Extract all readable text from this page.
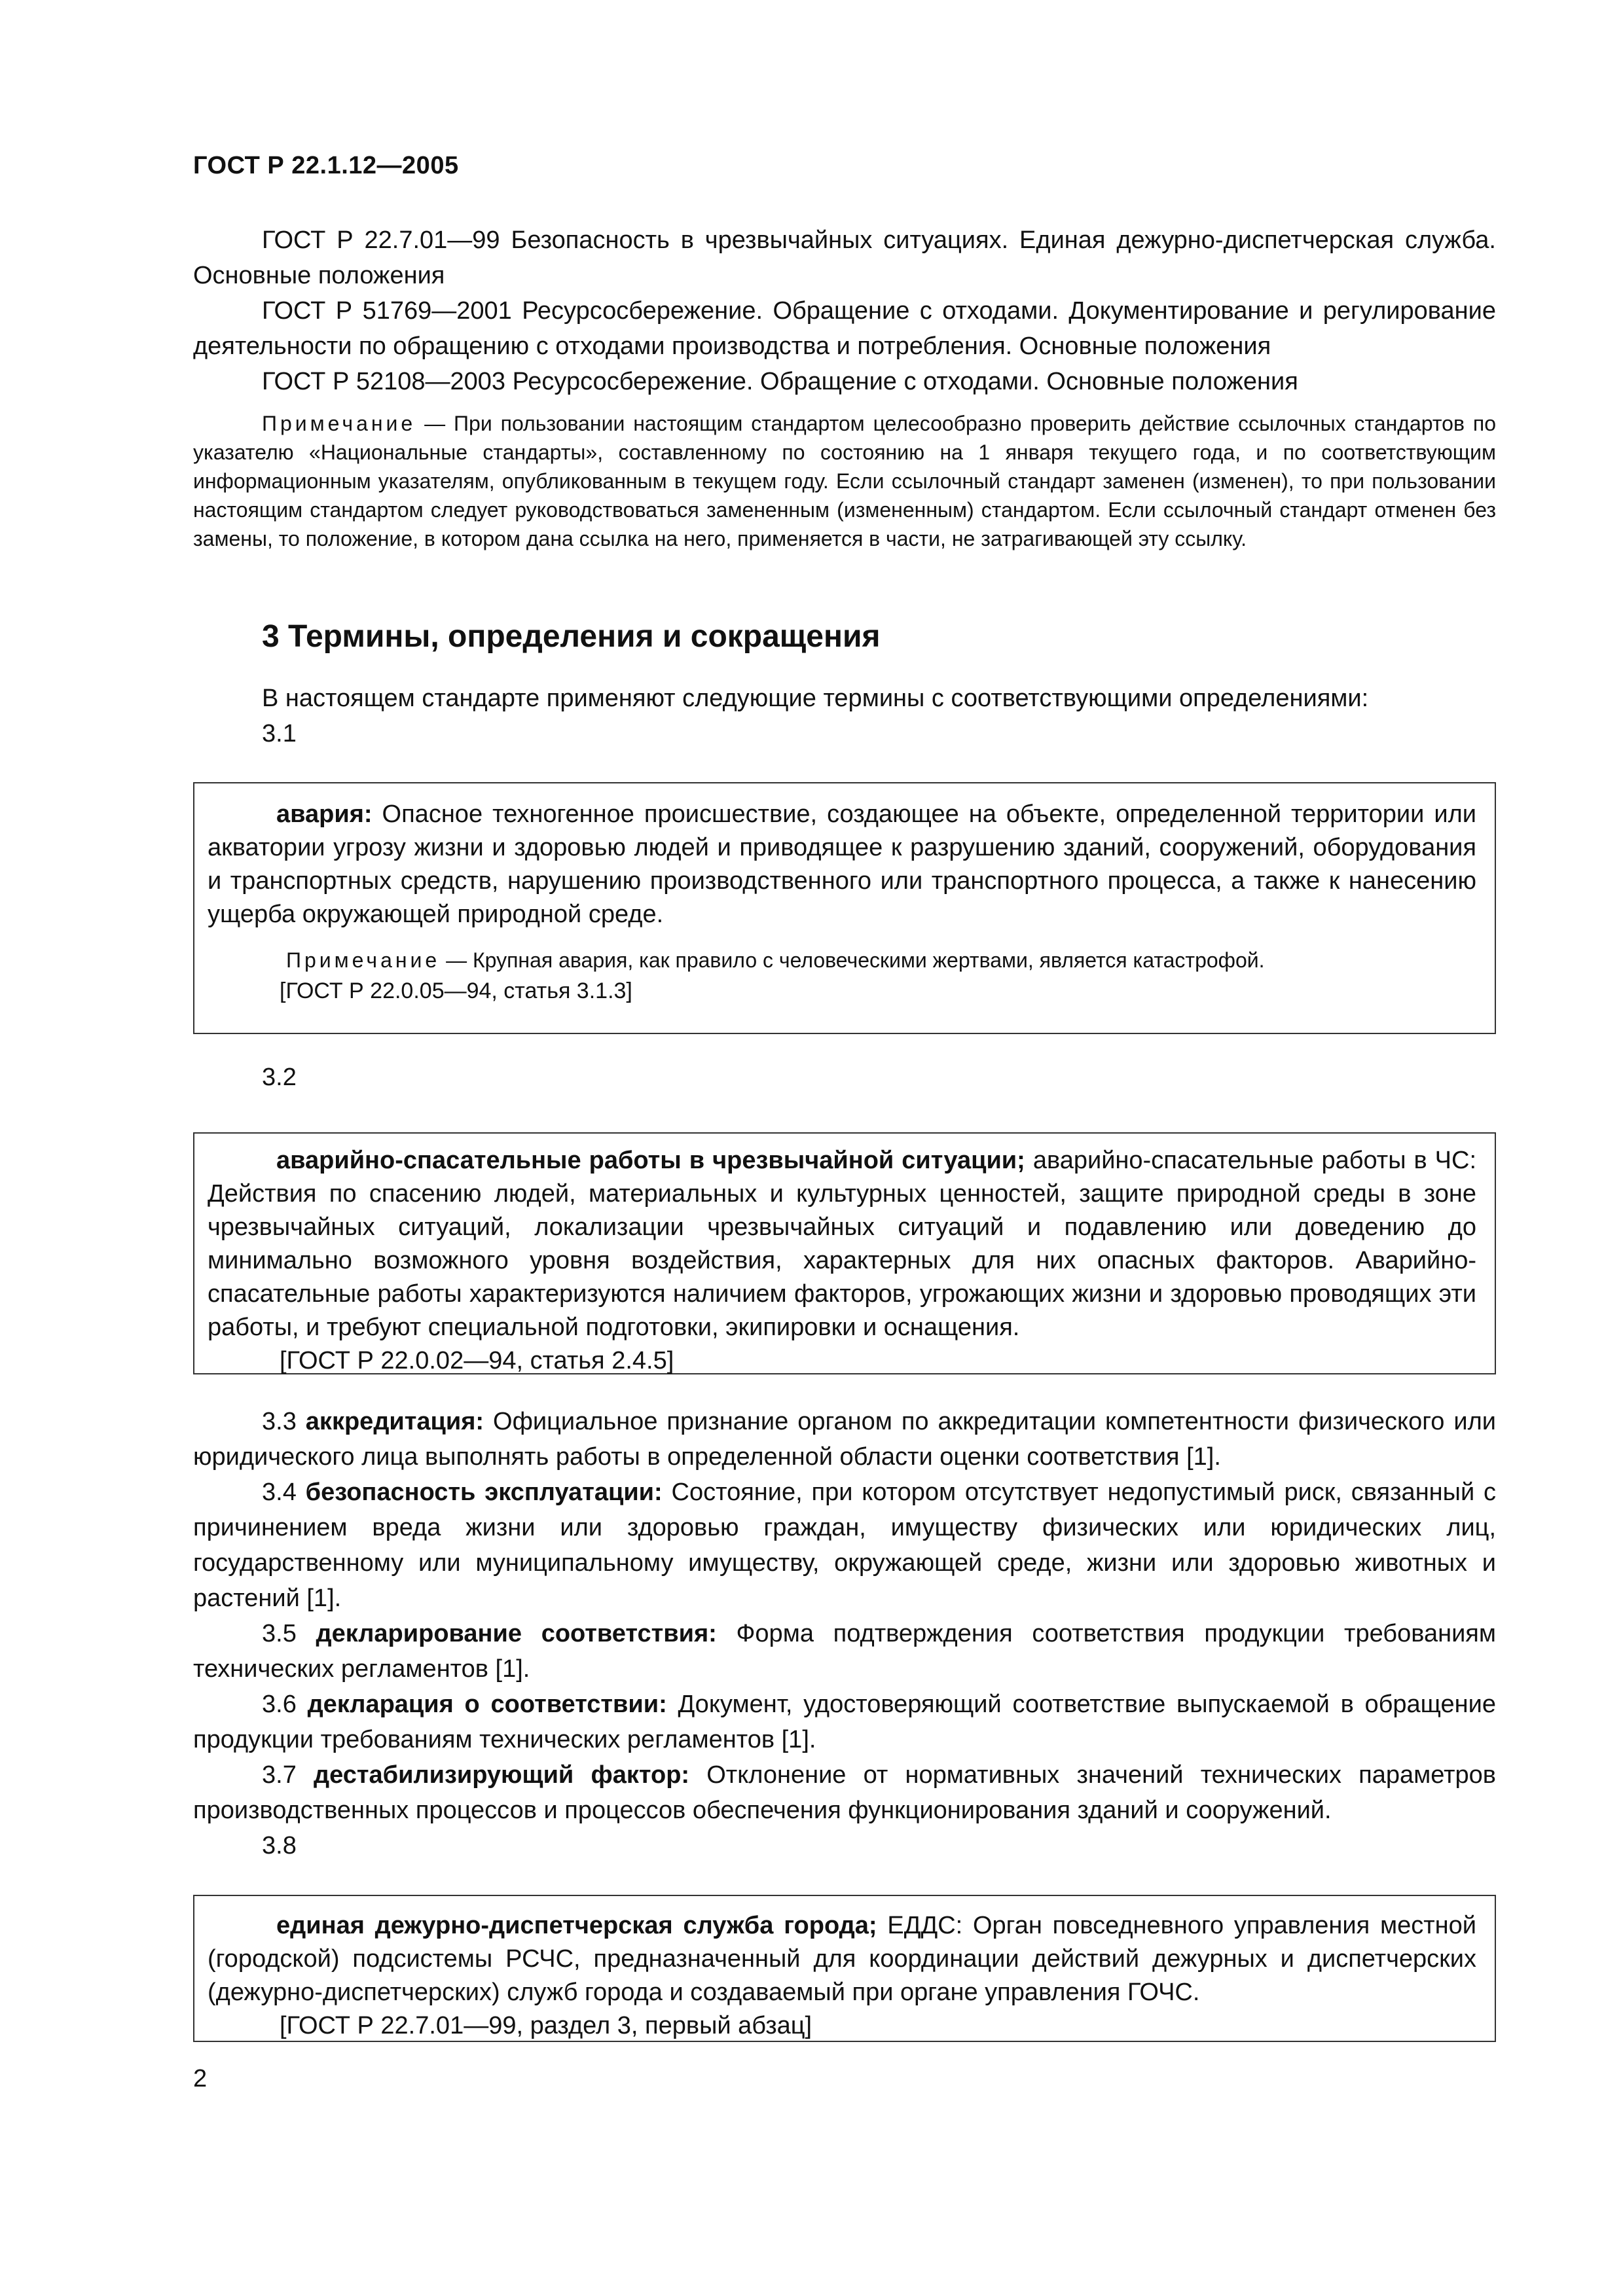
ГОСТ Р 22.1.12—2005

ГОСТ Р 22.7.01—99 Безопасность в чрезвычайных ситуациях. Единая дежурно-диспетчерская служба. Основные положения

ГОСТ Р 51769—2001 Ресурсосбережение. Обращение с отходами. Документирование и регулирование деятельности по обращению с отходами производства и потребления. Основные положения

ГОСТ Р 52108—2003 Ресурсосбережение. Обращение с отходами. Основные положения

Примечание — При пользовании настоящим стандартом целесообразно проверить действие ссылочных стандартов по указателю «Национальные стандарты», составленному по состоянию на 1 января текущего года, и по соответствующим информационным указателям, опубликованным в текущем году. Если ссылочный стандарт заменен (изменен), то при пользовании настоящим стандартом следует руководствоваться замененным (измененным) стандартом. Если ссылочный стандарт отменен без замены, то положение, в котором дана ссылка на него, применяется в части, не затрагивающей эту ссылку.

3 Термины, определения и сокращения
В настоящем стандарте применяют следующие термины с соответствующими определениями:
3.1

авария: Опасное техногенное происшествие, создающее на объекте, определенной территории или акватории угрозу жизни и здоровью людей и приводящее к разрушению зданий, сооружений, оборудования и транспортных средств, нарушению производственного или транспортного процесса, а также к нанесению ущерба окружающей природной среде.

Примечание — Крупная авария, как правило с человеческими жертвами, является катастрофой.

[ГОСТ Р 22.0.05—94, статья 3.1.3]

3.2

аварийно-спасательные работы в чрезвычайной ситуации; аварийно-спасательные работы в ЧС: Действия по спасению людей, материальных и культурных ценностей, защите природной среды в зоне чрезвычайных ситуаций, локализации чрезвычайных ситуаций и подавлению или доведению до минимально возможного уровня воздействия, характерных для них опасных факторов. Аварийно-спасательные работы характеризуются наличием факторов, угрожающих жизни и здоровью проводящих эти работы, и требуют специальной подготовки, экипировки и оснащения.

[ГОСТ Р 22.0.02—94, статья 2.4.5]

3.3 аккредитация: Официальное признание органом по аккредитации компетентности физического или юридического лица выполнять работы в определенной области оценки соответствия [1].

3.4 безопасность эксплуатации: Состояние, при котором отсутствует недопустимый риск, связанный с причинением вреда жизни или здоровью граждан, имуществу физических или юридических лиц, государственному или муниципальному имуществу, окружающей среде, жизни или здоровью животных и растений [1].

3.5 декларирование соответствия: Форма подтверждения соответствия продукции требованиям технических регламентов [1].

3.6 декларация о соответствии: Документ, удостоверяющий соответствие выпускаемой в обращение продукции требованиям технических регламентов [1].

3.7 дестабилизирующий фактор: Отклонение от нормативных значений технических параметров производственных процессов и процессов обеспечения функционирования зданий и сооружений.

3.8

единая дежурно-диспетчерская служба города; ЕДДС: Орган повседневного управления местной (городской) подсистемы РСЧС, предназначенный для координации действий дежурных и диспетчерских (дежурно-диспетчерских) служб города и создаваемый при органе управления ГОЧС.

[ГОСТ Р 22.7.01—99, раздел 3, первый абзац]

2
